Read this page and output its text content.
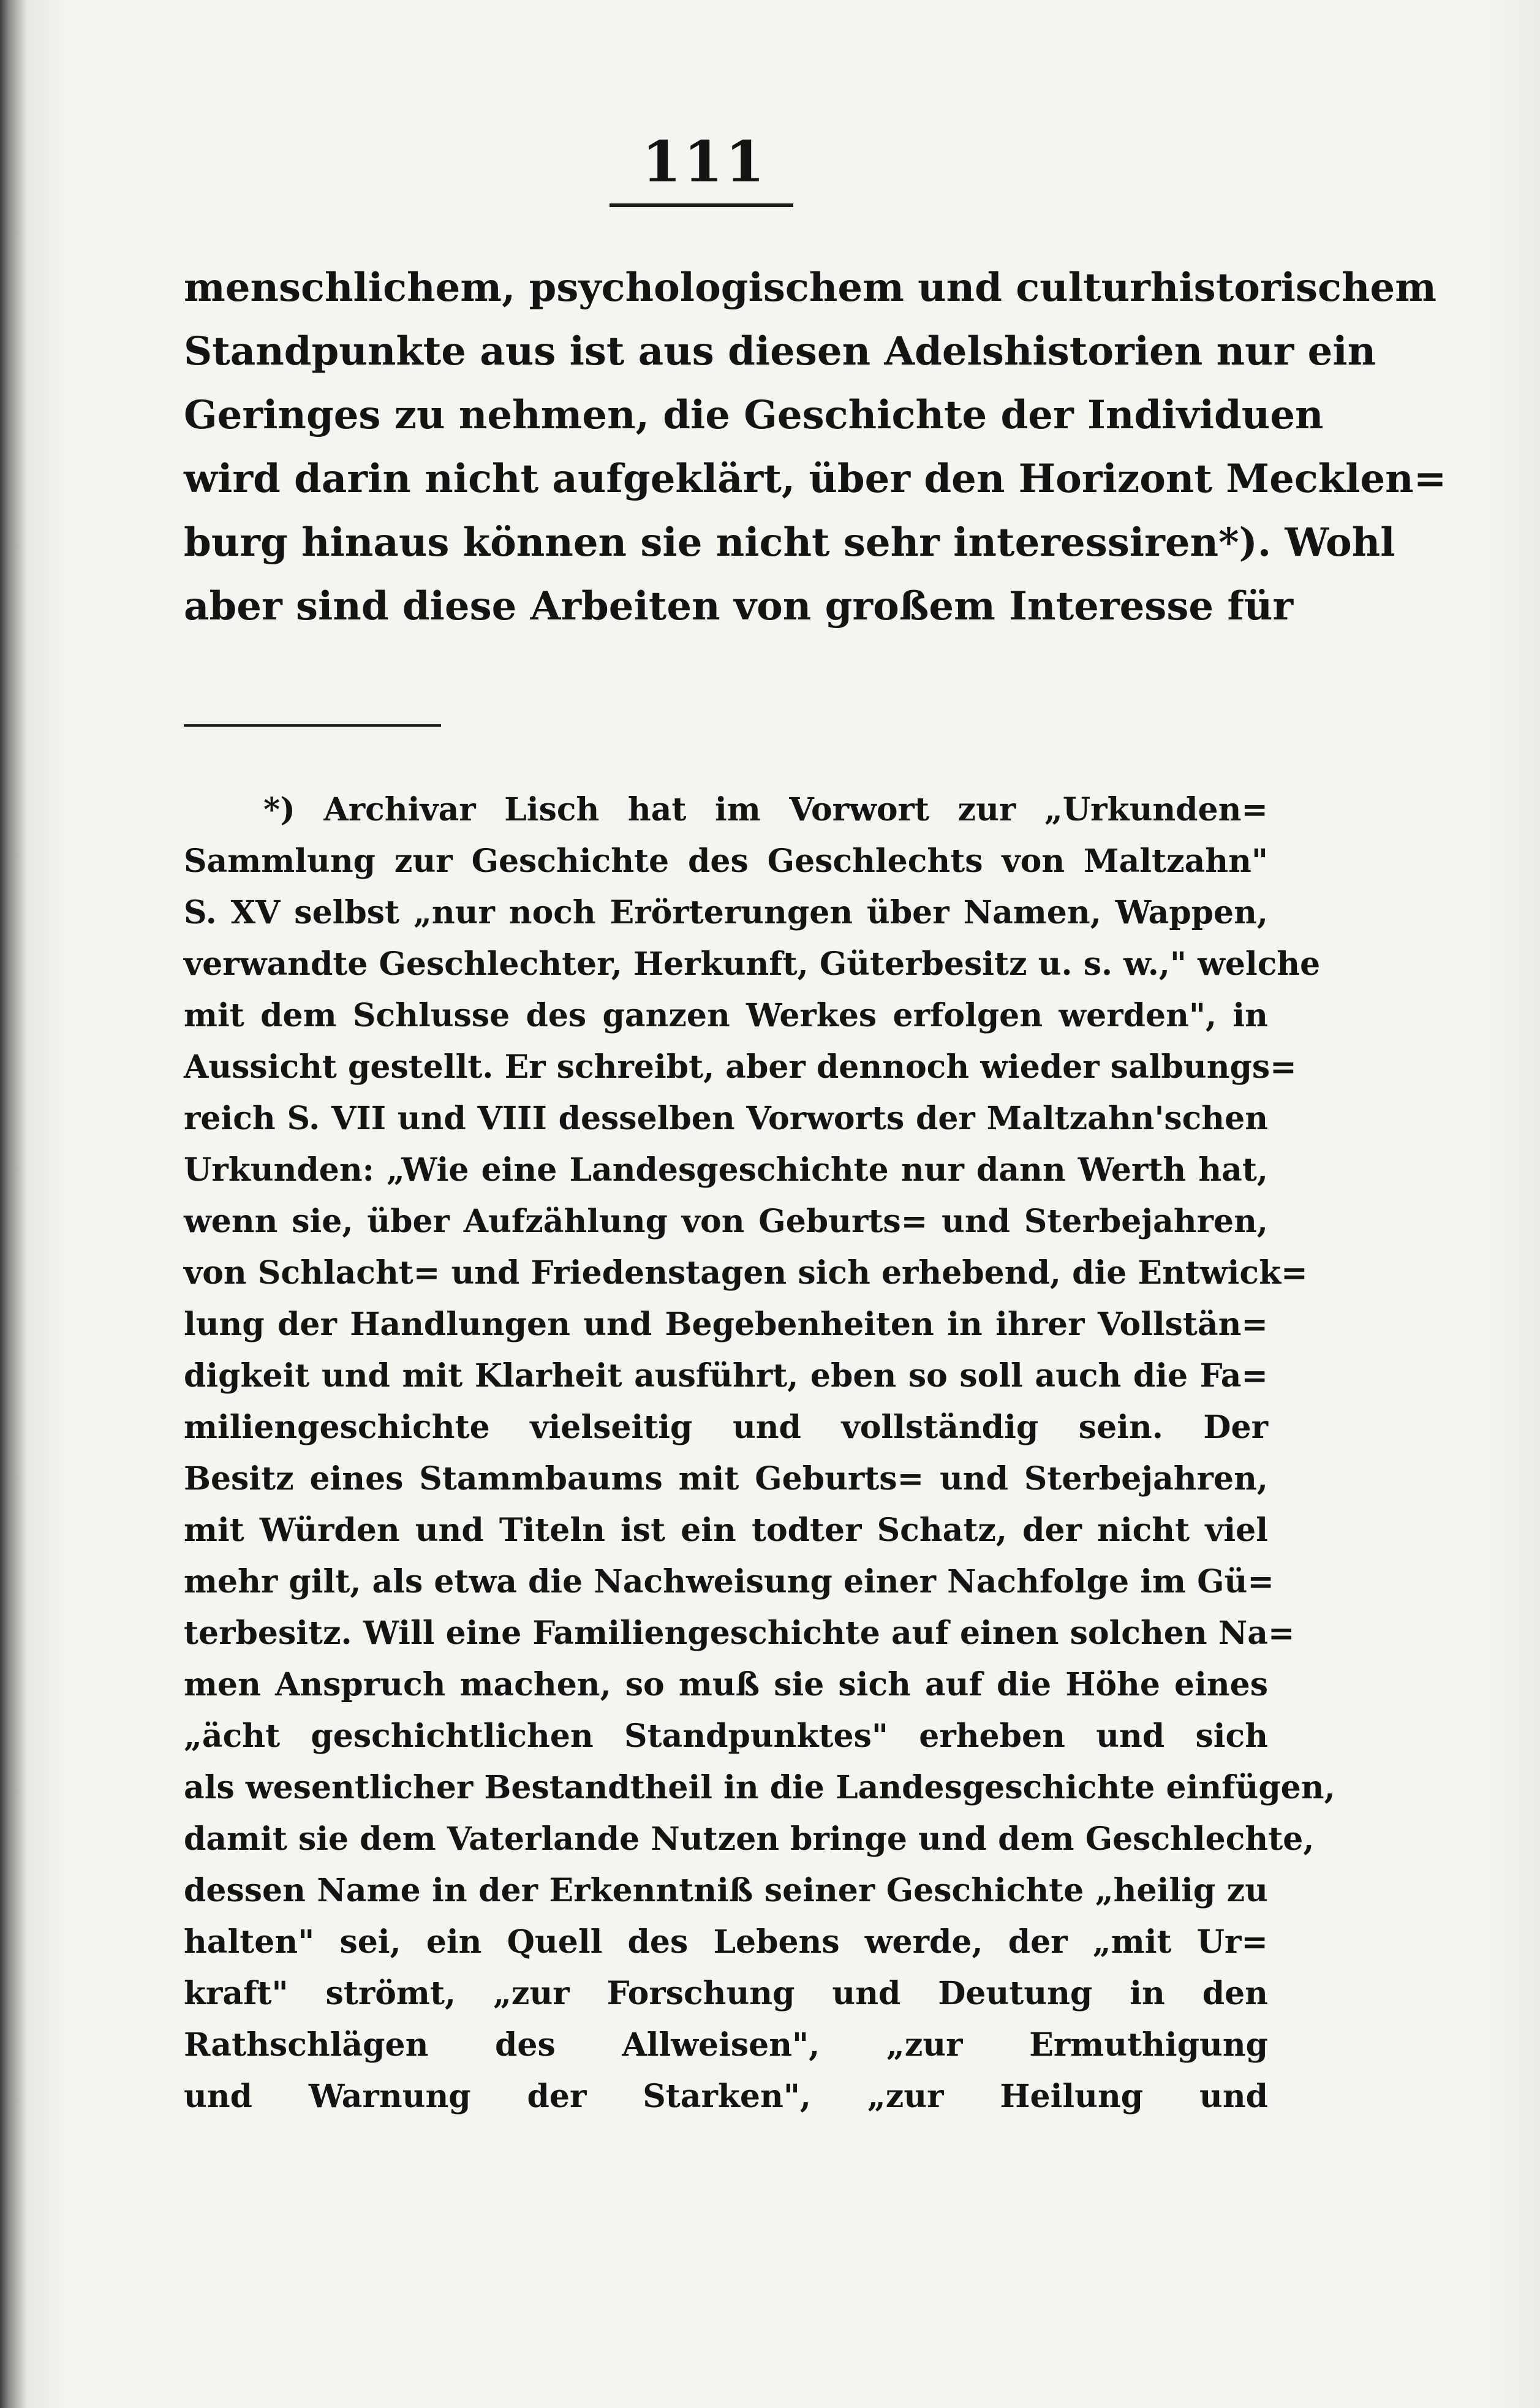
111
menschlichem, psychologischem und culturhistorischem
Standpunkte aus ist aus diesen Adelshistorien nur ein
Geringes zu nehmen, die Geschichte der Individuen
wird darin nicht aufgeklärt, über den Horizont Mecklen=
burg hinaus können sie nicht sehr interessiren*). Wohl
aber sind diese Arbeiten von großem Interesse für
*) Archivar Lisch hat im Vorwort zur „Urkunden=
Sammlung zur Geschichte des Geschlechts von Maltzahn"
S. XV selbst „nur noch Erörterungen über Namen, Wappen,
verwandte Geschlechter, Herkunft, Güterbesitz u. s. w.," welche
mit dem Schlusse des ganzen Werkes erfolgen werden", in
Aussicht gestellt. Er schreibt, aber dennoch wieder salbungs=
reich S. VII und VIII desselben Vorworts der Maltzahn'schen
Urkunden: „Wie eine Landesgeschichte nur dann Werth hat,
wenn sie, über Aufzählung von Geburts= und Sterbejahren,
von Schlacht= und Friedenstagen sich erhebend, die Entwick=
lung der Handlungen und Begebenheiten in ihrer Vollstän=
digkeit und mit Klarheit ausführt, eben so soll auch die Fa=
miliengeschichte vielseitig und vollständig sein. Der
Besitz eines Stammbaums mit Geburts= und Sterbejahren,
mit Würden und Titeln ist ein todter Schatz, der nicht viel
mehr gilt, als etwa die Nachweisung einer Nachfolge im Gü=
terbesitz. Will eine Familiengeschichte auf einen solchen Na=
men Anspruch machen, so muß sie sich auf die Höhe eines
„ächt geschichtlichen Standpunktes" erheben und sich
als wesentlicher Bestandtheil in die Landesgeschichte einfügen,
damit sie dem Vaterlande Nutzen bringe und dem Geschlechte,
dessen Name in der Erkenntniß seiner Geschichte „heilig zu
halten" sei, ein Quell des Lebens werde, der „mit Ur=
kraft" strömt, „zur Forschung und Deutung in den
Rathschlägen des Allweisen", „zur Ermuthigung
und Warnung der Starken", „zur Heilung und
